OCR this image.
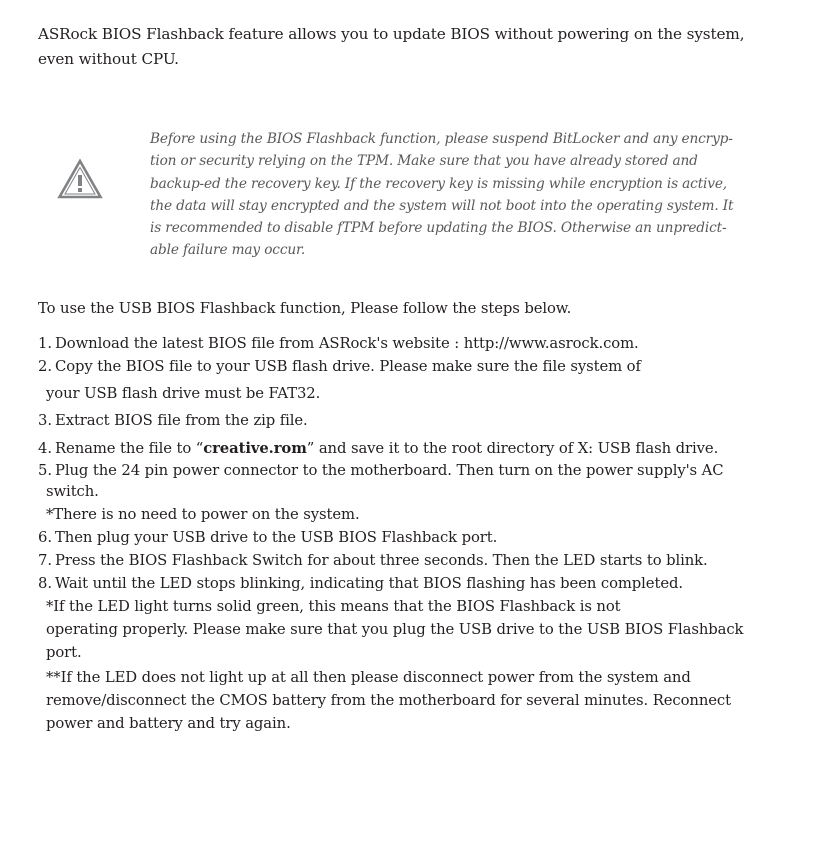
ASRock BIOS Flashback feature allows you to update BIOS without powering on the system,
even without CPU.
Before using the BIOS Flashback function, please suspend BitLocker and any encryp-
tion or security relying on the TPM. Make sure that you have already stored and
backup-ed the recovery key. If the recovery key is missing while encryption is active,
the data will stay encrypted and the system will not boot into the operating system. It
is recommended to disable fTPM before updating the BIOS. Otherwise an unpredict-
able failure may occur.
To use the USB BIOS Flashback function, Please follow the steps below.
1. Download the latest BIOS file from ASRock's website : http://www.asrock.com.
2. Copy the BIOS file to your USB flash drive. Please make sure the file system of
your USB flash drive must be FAT32.
3. Extract BIOS file from the zip file.
4. Rename the file to “creative.rom” and save it to the root directory of X: USB flash drive.
5. Plug the 24 pin power connector to the motherboard. Then turn on the power supply's AC
switch.
*There is no need to power on the system.
6. Then plug your USB drive to the USB BIOS Flashback port.
7. Press the BIOS Flashback Switch for about three seconds. Then the LED starts to blink.
8. Wait until the LED stops blinking, indicating that BIOS flashing has been completed.
*If the LED light turns solid green, this means that the BIOS Flashback is not
operating properly. Please make sure that you plug the USB drive to the USB BIOS Flashback
port.
**If the LED does not light up at all then please disconnect power from the system and
remove/disconnect the CMOS battery from the motherboard for several minutes. Reconnect
power and battery and try again.
